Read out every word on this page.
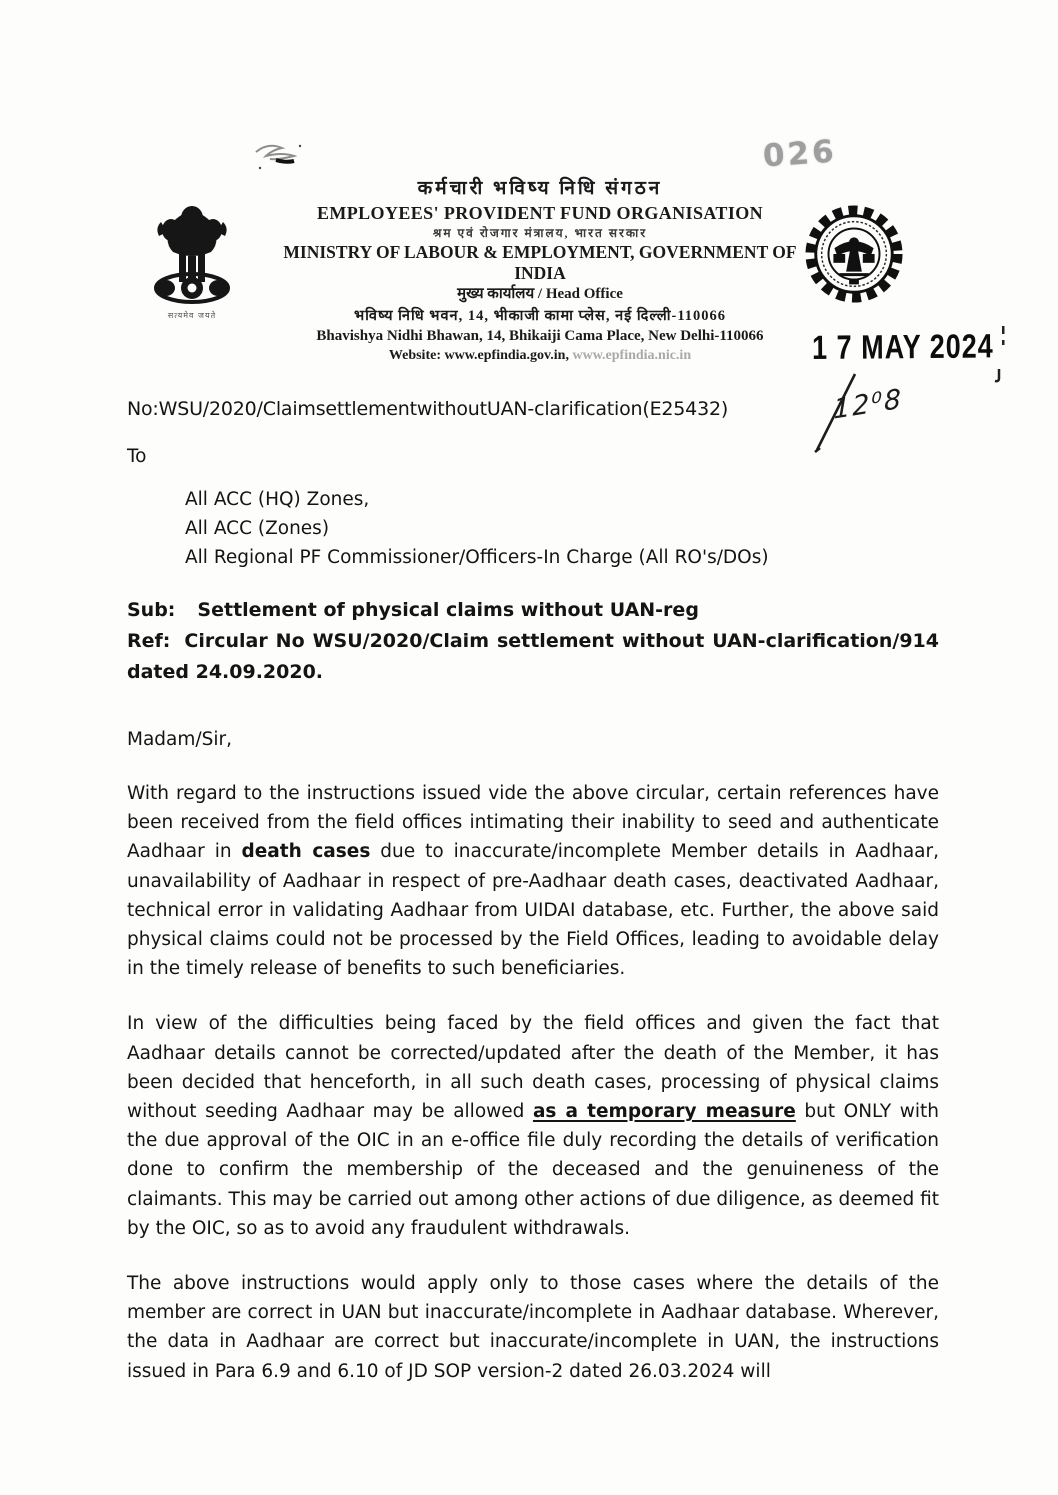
026
सत्यमेव जयते
कर्मचारी भविष्य निधि संगठन
EMPLOYEES' PROVIDENT FUND ORGANISATION
श्रम एवं रोजगार मंत्रालय, भारत सरकार
MINISTRY OF LABOUR & EMPLOYMENT, GOVERNMENT OF INDIA
मुख्य कार्यालय / Head Office
भविष्य निधि भवन, 14, भीकाजी कामा प्लेस, नई दिल्ली-110066
Bhavishya Nidhi Bhawan, 14, Bhikaiji Cama Place, New Delhi-110066
Website: www.epfindia.gov.in, www.epfindia.nic.in	1 7 MAY 2024
No:WSU/2020/ClaimsettlementwithoutUAN-clarification(E25432)	12⁰8
To
All ACC (HQ) Zones,
All ACC (Zones)
All Regional PF Commissioner/Officers-In Charge (All RO's/DOs)
Sub: Settlement of physical claims without UAN-reg
Ref: Circular No WSU/2020/Claim settlement without UAN-clarification/914 dated 24.09.2020.
Madam/Sir,

With regard to the instructions issued vide the above circular, certain references have been received from the field offices intimating their inability to seed and authenticate Aadhaar in death cases due to inaccurate/incomplete Member details in Aadhaar, unavailability of Aadhaar in respect of pre-Aadhaar death cases, deactivated Aadhaar, technical error in validating Aadhaar from UIDAI database, etc. Further, the above said physical claims could not be processed by the Field Offices, leading to avoidable delay in the timely release of benefits to such beneficiaries.

In view of the difficulties being faced by the field offices and given the fact that Aadhaar details cannot be corrected/updated after the death of the Member, it has been decided that henceforth, in all such death cases, processing of physical claims without seeding Aadhaar may be allowed as a temporary measure but ONLY with the due approval of the OIC in an e-office file duly recording the details of verification done to confirm the membership of the deceased and the genuineness of the claimants. This may be carried out among other actions of due diligence, as deemed fit by the OIC, so as to avoid any fraudulent withdrawals.

The above instructions would apply only to those cases where the details of the member are correct in UAN but inaccurate/incomplete in Aadhaar database. Wherever, the data in Aadhaar are correct but inaccurate/incomplete in UAN, the instructions issued in Para 6.9 and 6.10 of JD SOP version-2 dated 26.03.2024 will
